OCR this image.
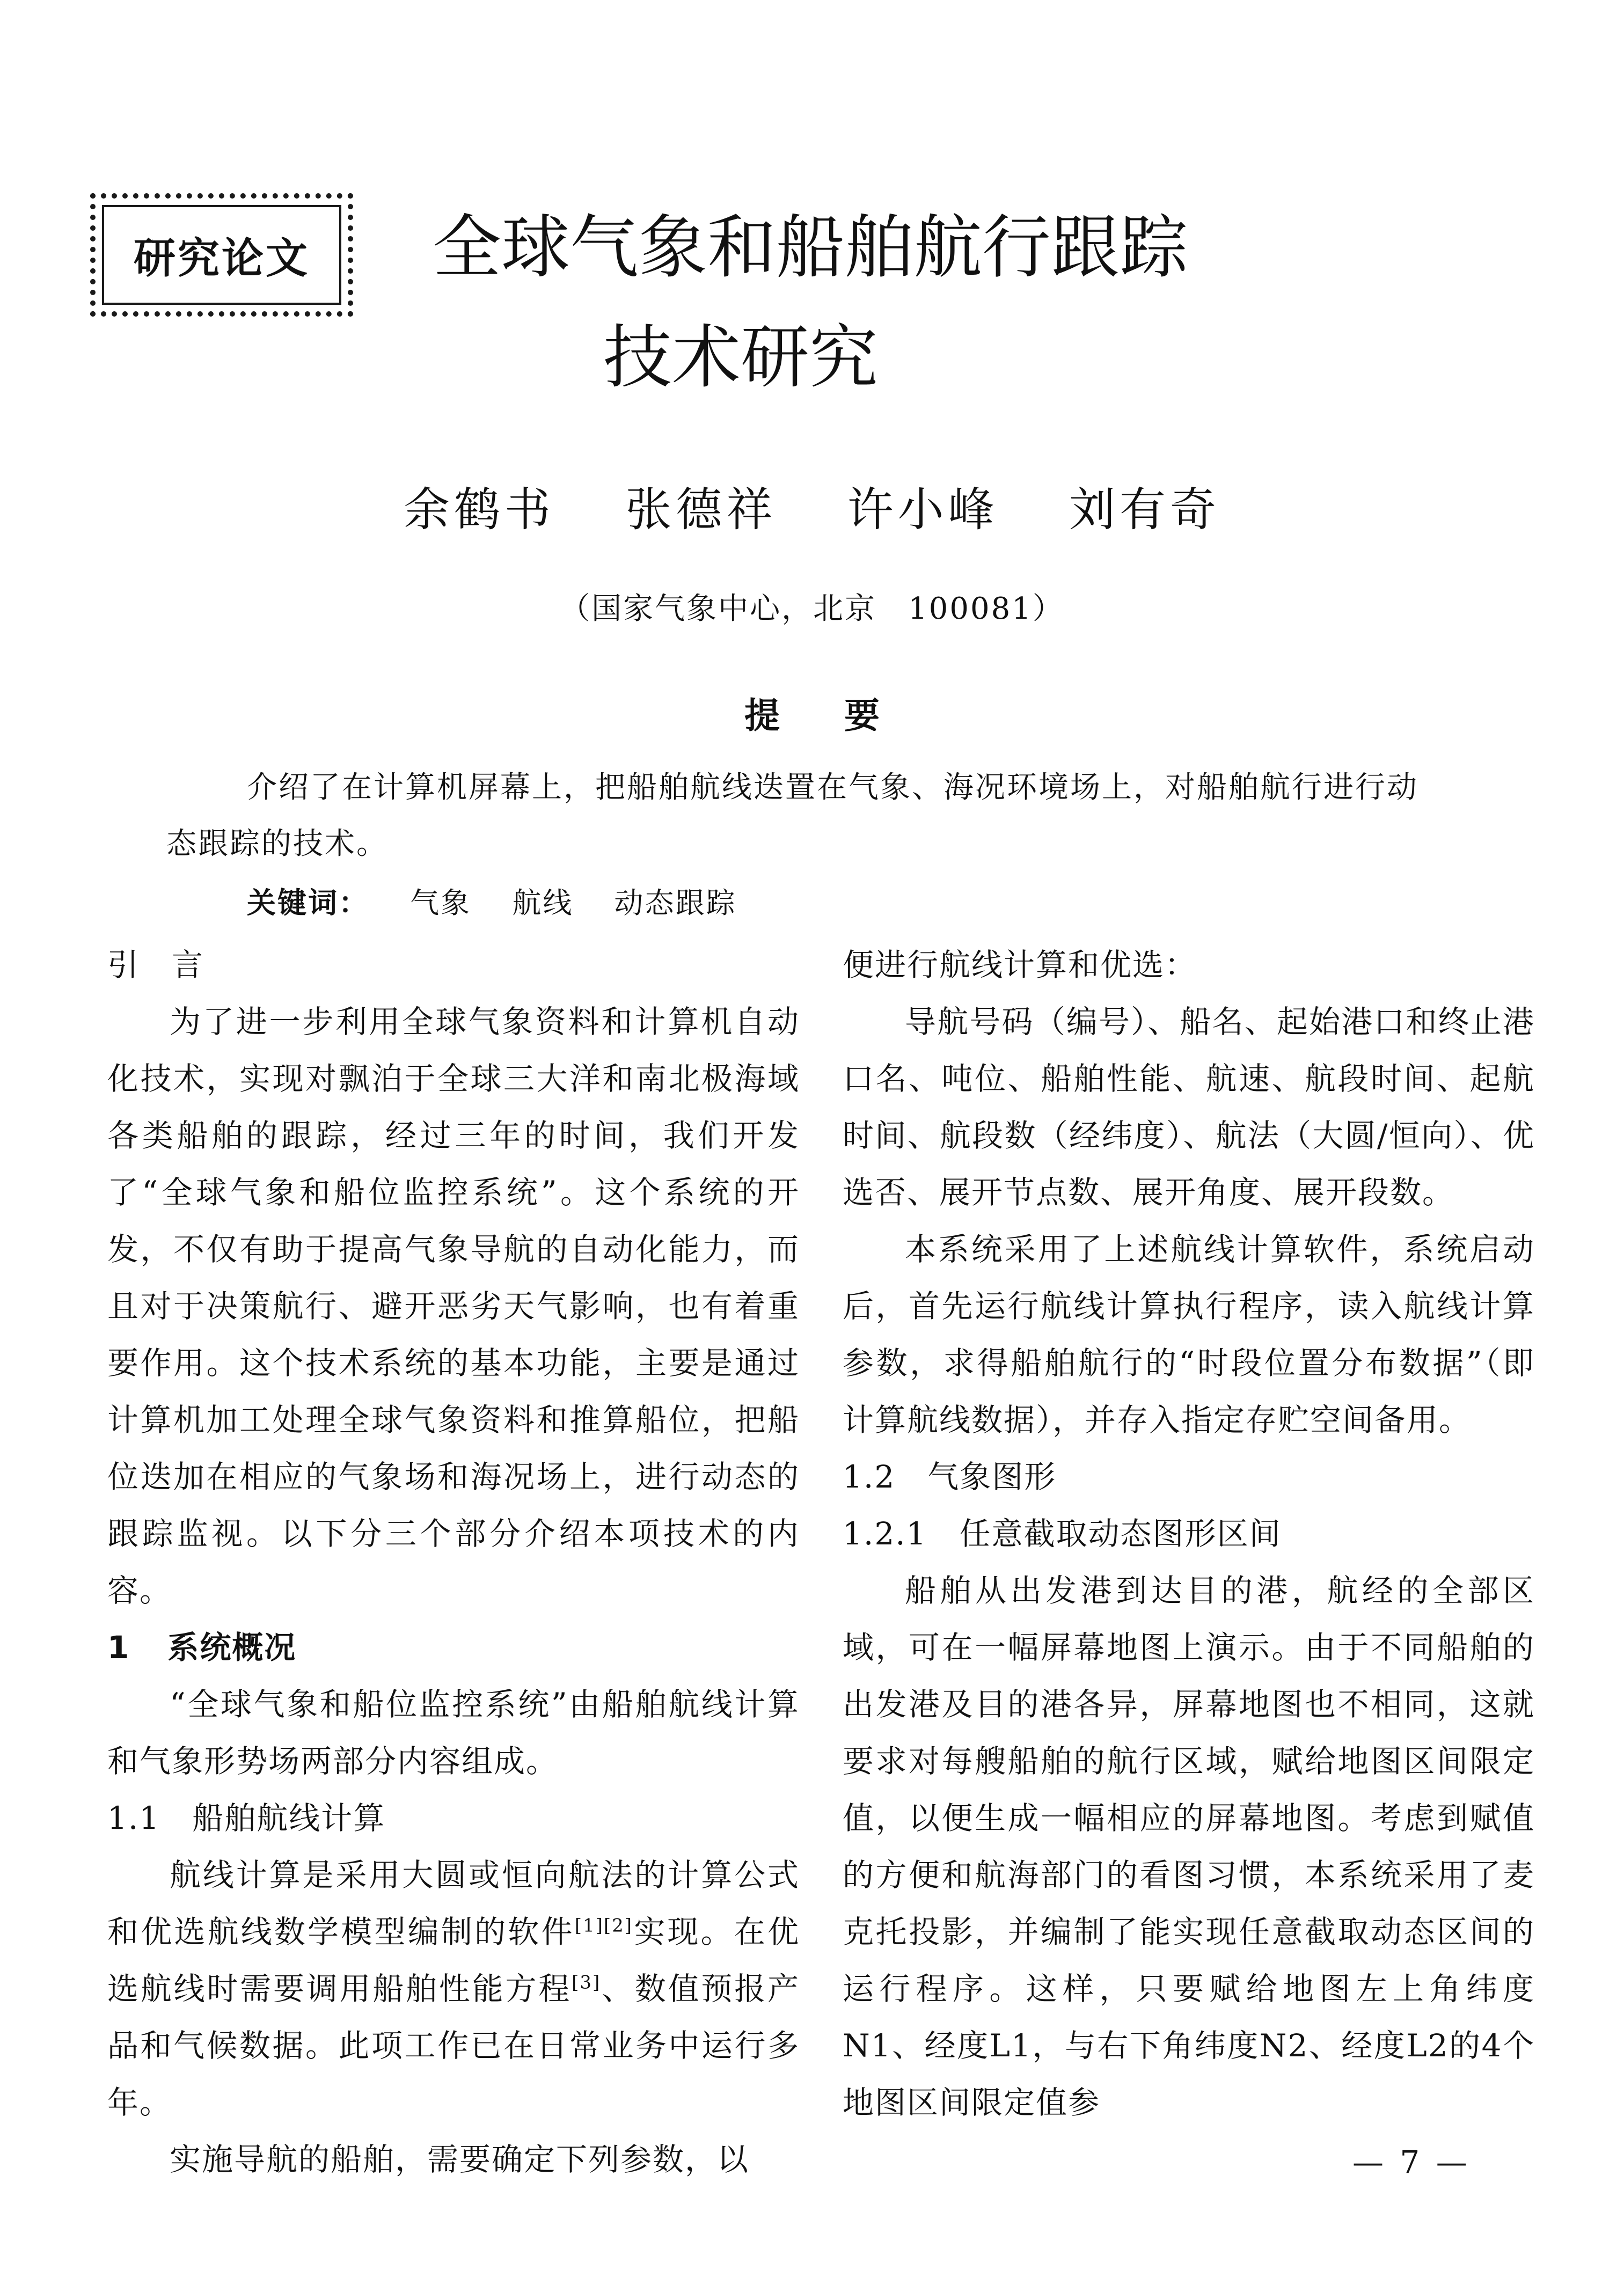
研究论文 全球气象和船舶航行跟踪
技术研究
余鹤书 张德祥 许小峰 刘有奇
（国家气象中心，北京　100081）
提要
介绍了在计算机屏幕上，把船舶航线迭置在气象、海况环境场上，对船舶航行进行动态跟踪的技术。
关键词： 气象 航线 动态跟踪
引　言

为了进一步利用全球气象资料和计算机自动化技术，实现对飘泊于全球三大洋和南北极海域各类船舶的跟踪，经过三年的时间，我们开发了“全球气象和船位监控系统”。这个系统的开发，不仅有助于提高气象导航的自动化能力，而且对于决策航行、避开恶劣天气影响，也有着重要作用。这个技术系统的基本功能，主要是通过计算机加工处理全球气象资料和推算船位，把船位迭加在相应的气象场和海况场上，进行动态的跟踪监视。以下分三个部分介绍本项技术的内容。

1 系统概况

“全球气象和船位监控系统”由船舶航线计算和气象形势场两部分内容组成。

1.1 船舶航线计算

航线计算是采用大圆或恒向航法的计算公式和优选航线数学模型编制的软件[1][2]实现。在优选航线时需要调用船舶性能方程[3]、数值预报产品和气候数据。此项工作已在日常业务中运行多年。

实施导航的船舶，需要确定下列参数，以

便进行航线计算和优选：

导航号码（编号）、船名、起始港口和终止港口名、吨位、船舶性能、航速、航段时间、起航时间、航段数（经纬度）、航法（大圆/恒向）、优选否、展开节点数、展开角度、展开段数。

本系统采用了上述航线计算软件，系统启动后，首先运行航线计算执行程序，读入航线计算参数，求得船舶航行的“时段位置分布数据”（即计算航线数据），并存入指定存贮空间备用。

1.2 气象图形
1.2.1 任意截取动态图形区间

船舶从出发港到达目的港，航经的全部区域，可在一幅屏幕地图上演示。由于不同船舶的出发港及目的港各异，屏幕地图也不相同，这就要求对每艘船舶的航行区域，赋给地图区间限定值，以便生成一幅相应的屏幕地图。考虑到赋值的方便和航海部门的看图习惯，本系统采用了麦克托投影，并编制了能实现任意截取动态区间的运行程序。这样，只要赋给地图左上角纬度N1、经度L1，与右下角纬度N2、经度L2的4个地图区间限定值参

— 7 —
